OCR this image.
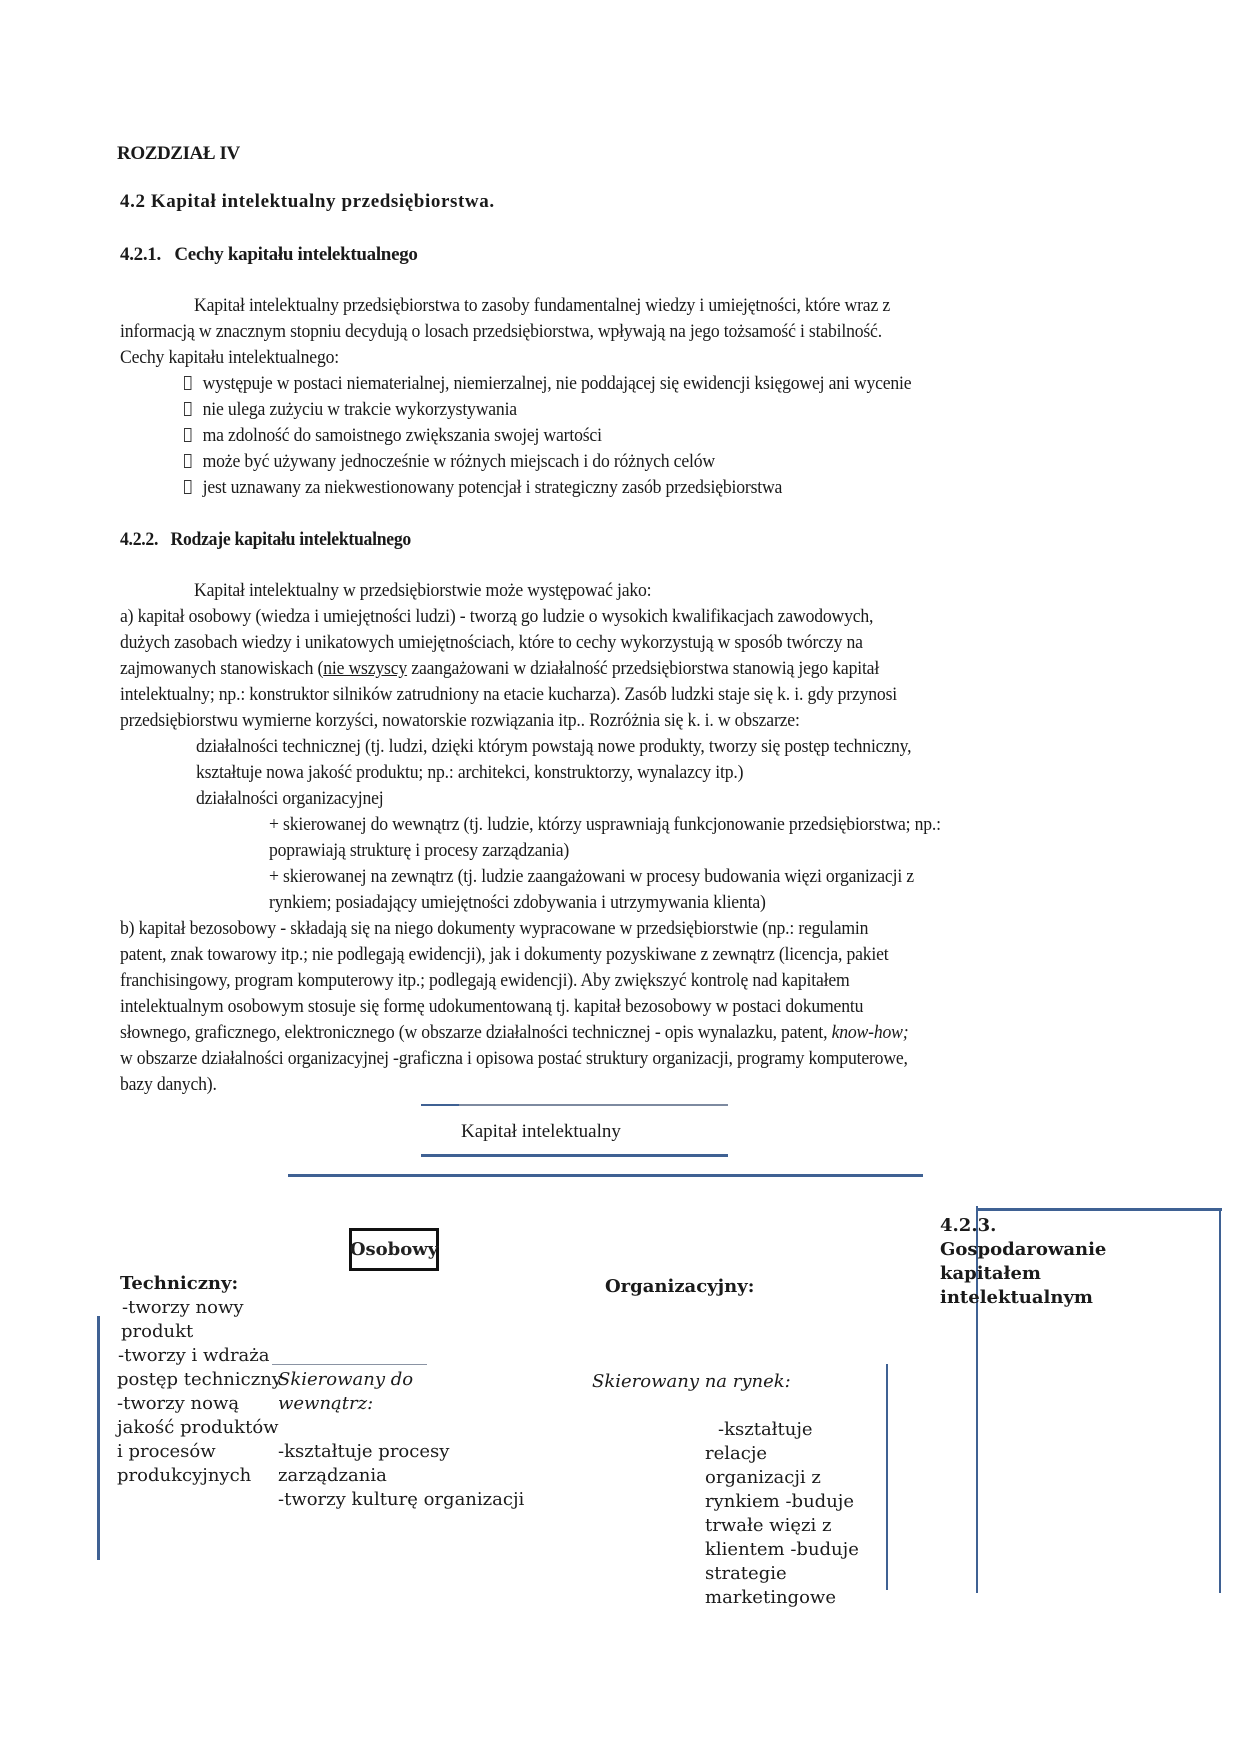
ROZDZIAŁ IV
4.2 Kapitał intelektualny przedsiębiorstwa.
4.2.1. Cechy kapitału intelektualnego
Kapitał intelektualny przedsiębiorstwa to zasoby fundamentalnej wiedzy i umiejętności, które wraz z
informacją w znacznym stopniu decydują o losach przedsiębiorstwa, wpływają na jego tożsamość i stabilność.
Cechy kapitału intelektualnego:
występuje w postaci niematerialnej, niemierzalnej, nie poddającej się ewidencji księgowej ani wycenie
nie ulega zużyciu w trakcie wykorzystywania
ma zdolność do samoistnego zwiększania swojej wartości
może być używany jednocześnie w różnych miejscach i do różnych celów
jest uznawany za niekwestionowany potencjał i strategiczny zasób przedsiębiorstwa
4.2.2. Rodzaje kapitału intelektualnego
Kapitał intelektualny w przedsiębiorstwie może występować jako:
a) kapitał osobowy (wiedza i umiejętności ludzi) - tworzą go ludzie o wysokich kwalifikacjach zawodowych,
dużych zasobach wiedzy i unikatowych umiejętnościach, które to cechy wykorzystują w sposób twórczy na
zajmowanych stanowiskach (nie wszyscy zaangażowani w działalność przedsiębiorstwa stanowią jego kapitał
intelektualny; np.: konstruktor silników zatrudniony na etacie kucharza). Zasób ludzki staje się k. i. gdy przynosi
przedsiębiorstwu wymierne korzyści, nowatorskie rozwiązania itp.. Rozróżnia się k. i. w obszarze:
działalności technicznej (tj. ludzi, dzięki którym powstają nowe produkty, tworzy się postęp techniczny,
kształtuje nowa jakość produktu; np.: architekci, konstruktorzy, wynalazcy itp.)
działalności organizacyjnej
+ skierowanej do wewnątrz (tj. ludzie, którzy usprawniają funkcjonowanie przedsiębiorstwa; np.:
poprawiają strukturę i procesy zarządzania)
+ skierowanej na zewnątrz (tj. ludzie zaangażowani w procesy budowania więzi organizacji z
rynkiem; posiadający umiejętności zdobywania i utrzymywania klienta)
b) kapitał bezosobowy - składają się na niego dokumenty wypracowane w przedsiębiorstwie (np.: regulamin
patent, znak towarowy itp.; nie podlegają ewidencji), jak i dokumenty pozyskiwane z zewnątrz (licencja, pakiet
franchisingowy, program komputerowy itp.; podlegają ewidencji). Aby zwiększyć kontrolę nad kapitałem
intelektualnym osobowym stosuje się formę udokumentowaną tj. kapitał bezosobowy w postaci dokumentu
słownego, graficznego, elektronicznego (w obszarze działalności technicznej - opis wynalazku, patent, know-how;
w obszarze działalności organizacyjnej -graficzna i opisowa postać struktury organizacji, programy komputerowe,
bazy danych).
Kapitał intelektualny
Osobowy
Techniczny:
-tworzy nowy
produkt
-tworzy i wdraża
postęp techniczny
-tworzy nową
jakość produktów
i procesów
produkcyjnych
Skierowany do
wewnątrz:
-kształtuje procesy
zarządzania
-tworzy kulturę organizacji
Organizacyjny:
Skierowany na rynek:
-kształtuje
relacje
organizacji z
rynkiem -buduje
trwałe więzi z
klientem -buduje
strategie
marketingowe
4.2.3.
Gospodarowanie
kapitałem
intelektualnym
